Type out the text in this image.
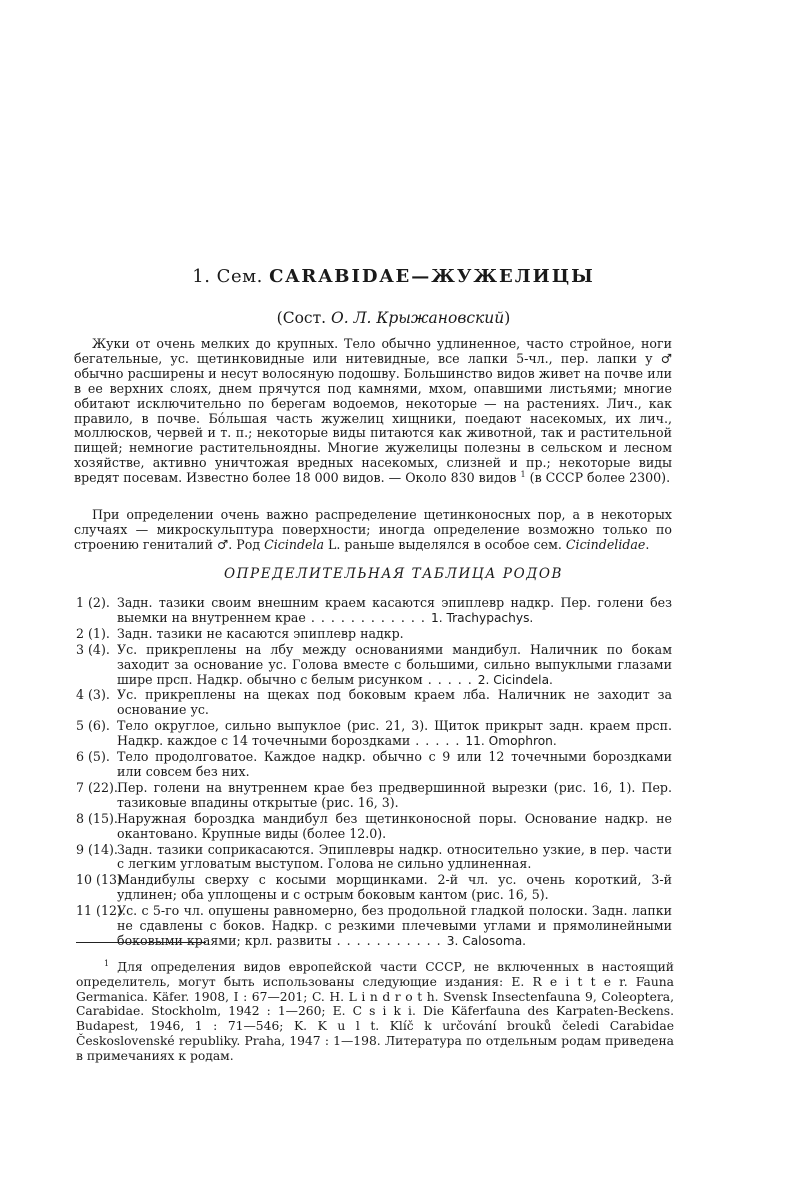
1. Сем. CARABIDAE—ЖУЖЕЛИЦЫ
(Сост. О. Л. Крыжановский)
Жуки от очень мелких до крупных. Тело обычно удлиненное, часто стройное, ноги бегательные, ус. щетинковидные или нитевидные, все лапки 5-чл., пер. лапки у ♂ обычно расширены и несут волосяную подошву. Большинство видов живет на почве или в ее верхних слоях, днем прячутся под камнями, мхом, опавшими листьями; многие обитают исключительно по берегам водоемов, некоторые — на растениях. Лич., как правило, в почве. Бóльшая часть жужелиц хищники, поедают насекомых, их лич., моллюсков, червей и т. п.; некоторые виды питаются как животной, так и растительной пищей; немногие растительноядны. Многие жужелицы полезны в сельском и лесном хозяйстве, активно уничтожая вредных насекомых, слизней и пр.; некоторые виды вредят посевам. Известно более 18 000 видов. — Около 830 видов $^1$ (в СССР более 2300).
При определении очень важно распределение щетинконосных пор, а в некоторых случаях — микроскульптура поверхности; иногда определение возможно только по строению гениталий ♂. Род Cicindela L. раньше выделялся в особое сем. Cicindelidae.
ОПРЕДЕЛИТЕЛЬНАЯ ТАБЛИЦА РОДОВ
1 (2). Задн. тазики своим внешним краем касаются эпиплевр надкр. Пер. голени без выемки на внутреннем крае . . . . . . . . . . . . 1. Trachypachys.
2 (1). Задн. тазики не касаются эпиплевр надкр.
3 (4). Ус. прикреплены на лбу между основаниями мандибул. Наличник по бокам заходит за основание ус. Голова вместе с большими, сильно выпуклыми глазами шире прсп. Надкр. обычно с белым рисунком . . . . . 2. Cicindela.
4 (3). Ус. прикреплены на щеках под боковым краем лба. Наличник не заходит за основание ус.
5 (6). Тело округлое, сильно выпуклое (рис. 21, 3). Щиток прикрыт задн. краем прсп. Надкр. каждое с 14 точечными бороздками . . . . . 11. Omophron.
6 (5). Тело продолговатое. Каждое надкр. обычно с 9 или 12 точечными бороздками или совсем без них.
7 (22). Пер. голени на внутреннем крае без предвершинной вырезки (рис. 16, 1). Пер. тазиковые впадины открытые (рис. 16, 3).
8 (15). Наружная бороздка мандибул без щетинконосной поры. Основание надкр. не окантовано. Крупные виды (более 12.0).
9 (14). Задн. тазики соприкасаются. Эпиплевры надкр. относительно узкие, в пер. части с легким угловатым выступом. Голова не сильно удлиненная.
10 (13).
Мандибулы сверху с косыми морщинками. 2-й чл. ус. очень короткий, 3-й удлинен; оба уплощены и с острым боковым кантом (рис. 16, 5).
11 (12).
Ус. с 5-го чл. опушены равномерно, без продольной гладкой полоски. Задн. лапки не сдавлены с боков. Надкр. с резкими плечевыми углами и прямолинейными боковыми краями; крл. развиты . . . . . . . . . . . 3. Calosoma.
$^1$ Для определения видов европейской части СССР, не включенных в настоящий определитель, могут быть использованы следующие издания: E. R e i t t e r. Fauna Germanica. Käfer. 1908, I : 67—201; C. H. L i n d r o t h. Svensk Insectenfauna 9, Coleoptera, Carabidae. Stockholm, 1942 : 1—260; E. C s i k i. Die Käferfauna des Karpaten-Beckens. Budapest, 1946, 1 : 71—546; K. K u l t. Klíč k určování brouků čeledi Carabidae Československé republiky. Praha, 1947 : 1—198. Литература по отдельным родам приведена в примечаниях к родам.
